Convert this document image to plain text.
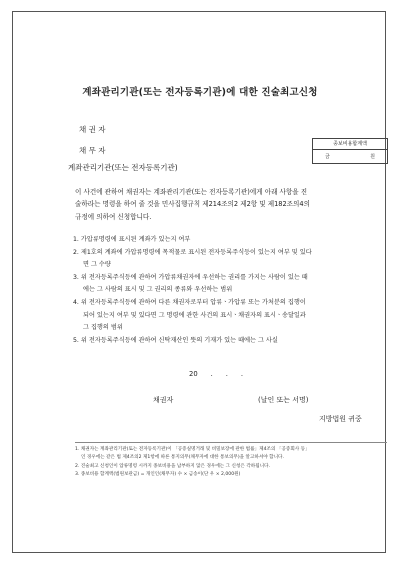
계좌관리기관(또는 전자등록기관)에 대한 진술최고신청
채 권 자
채 무 자
계좌관리기관(또는 전자등록기관)
종보비용합계액
금	원
이 사건에 관하여 채권자는 계좌관리기관(또는 전자등록기관)에게 아래 사항을 진
술하라는 명령을 하여 줄 것을 민사집행규칙 제214조의2 제2항 및 제182조의4의
규정에 의하여 신청합니다.
1. 가압류명령에 표시된 계좌가 있는지 여부
2. 제1호의 계좌에 가압류명령에 목적물로 표시된 전자등록주식등이 있는지 여부 및 있다
면 그 수량
3. 위 전자등록주식등에 관하여 가압류채권자에 우선하는 권리를 가지는 사람이 있는 때
에는 그 사람의 표시 및 그 권리의 종류와 우선하는 범위
4. 위 전자등록주식등에 관하여 다른 채권자로부터 압류ㆍ가압류 또는 가처분의 집행이
되어 있는지 여부 및 있다면 그 명령에 관한 사건의 표시ㆍ채권자의 표시ㆍ송달일과
그 집행의 범위
5. 위 전자등록주식등에 관하여 신탁재산인 뜻의 기재가 있는 때에는 그 사실
20      .      .      .
채권자	(날인 또는 서명)
지방법원 귀중
1. 채권자는 계좌관리기관(또는 전자등록기관)이 「공증실명거래 및 비밀보장에 관한 법률」제4조의 「공증회사 등」
인 경우에는 같은 법 제4조의2 제1항에 따른 통지의무(채무자에 대한 통보의무)을 알고하셔야 합니다.
2. 진술최고 신청인이 압류명령 시까지 종보비용을 납부하지 않은 경우에는 그 신청은 각하됩니다.
3. 종보비용 합계액(법원보관금) = 개인인(채무자) 수 × 금송이(단 우 × 2,000원)
